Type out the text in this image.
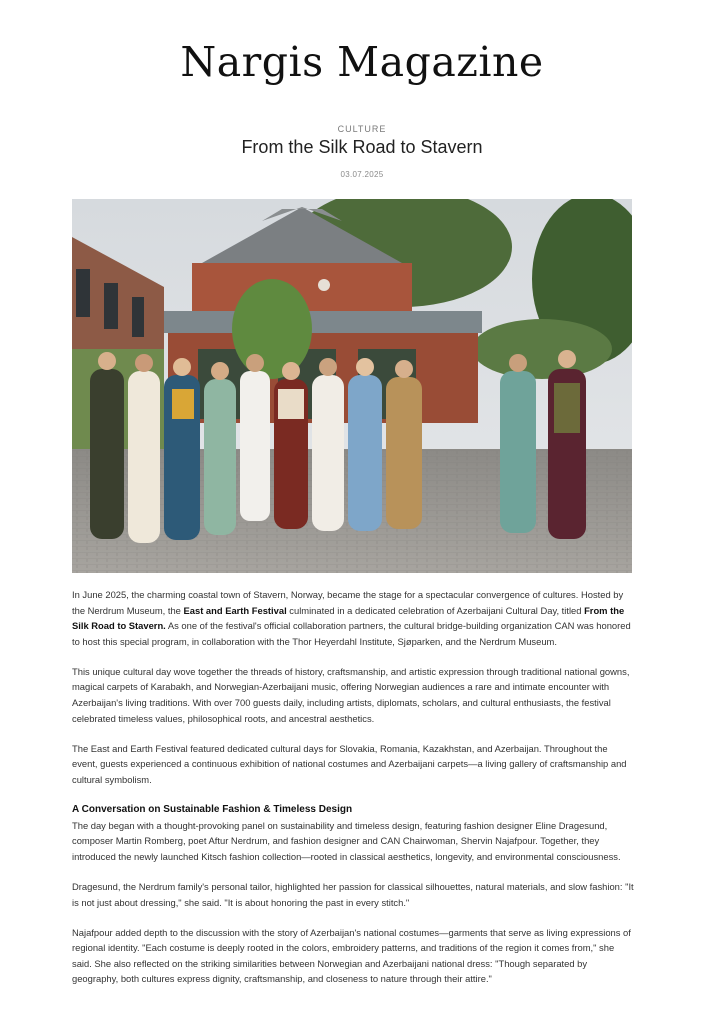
Nargis Magazine
CULTURE
From the Silk Road to Stavern
03.07.2025

In June 2025, the charming coastal town of Stavern, Norway, became the stage for a spectacular convergence of cultures. Hosted by the Nerdrum Museum, the East and Earth Festival culminated in a dedicated celebration of Azerbaijani Cultural Day, titled From the Silk Road to Stavern. As one of the festival's official collaboration partners, the cultural bridge-building organization CAN was honored to host this special program, in collaboration with the Thor Heyerdahl Institute, Sjøparken, and the Nerdrum Museum.

This unique cultural day wove together the threads of history, craftsmanship, and artistic expression through traditional national gowns, magical carpets of Karabakh, and Norwegian-Azerbaijani music, offering Norwegian audiences a rare and intimate encounter with Azerbaijan's living traditions. With over 700 guests daily, including artists, diplomats, scholars, and cultural enthusiasts, the festival celebrated timeless values, philosophical roots, and ancestral aesthetics.

The East and Earth Festival featured dedicated cultural days for Slovakia, Romania, Kazakhstan, and Azerbaijan. Throughout the event, guests experienced a continuous exhibition of national costumes and Azerbaijani carpets—a living gallery of craftsmanship and cultural symbolism.

A Conversation on Sustainable Fashion & Timeless Design

The day began with a thought-provoking panel on sustainability and timeless design, featuring fashion designer Eline Dragesund, composer Martin Romberg, poet Aftur Nerdrum, and fashion designer and CAN Chairwoman, Shervin Najafpour. Together, they introduced the newly launched Kitsch fashion collection—rooted in classical aesthetics, longevity, and environmental consciousness.

Dragesund, the Nerdrum family's personal tailor, highlighted her passion for classical silhouettes, natural materials, and slow fashion: "It is not just about dressing," she said. "It is about honoring the past in every stitch."

Najafpour added depth to the discussion with the story of Azerbaijan's national costumes—garments that serve as living expressions of regional identity. "Each costume is deeply rooted in the colors, embroidery patterns, and traditions of the region it comes from," she said. She also reflected on the striking similarities between Norwegian and Azerbaijani national dress: "Though separated by geography, both cultures express dignity, craftsmanship, and closeness to nature through their attire."
